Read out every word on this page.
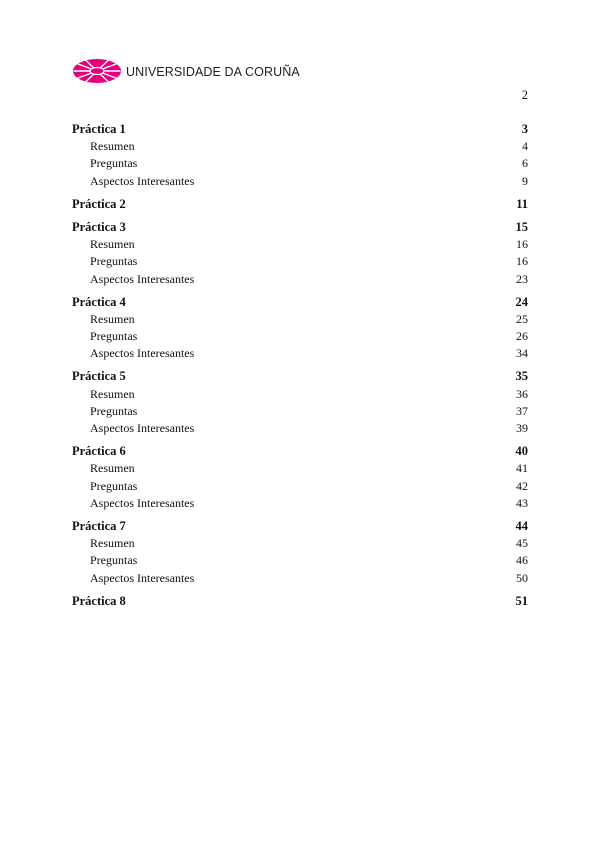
UNIVERSIDADE DA CORUÑA
2
Práctica 1	3
Resumen	4
Preguntas	6
Aspectos Interesantes	9
Práctica 2	11
Práctica 3	15
Resumen	16
Preguntas	16
Aspectos Interesantes	23
Práctica 4	24
Resumen	25
Preguntas	26
Aspectos Interesantes	34
Práctica 5	35
Resumen	36
Preguntas	37
Aspectos Interesantes	39
Práctica 6	40
Resumen	41
Preguntas	42
Aspectos Interesantes	43
Práctica 7	44
Resumen	45
Preguntas	46
Aspectos Interesantes	50
Práctica 8	51
